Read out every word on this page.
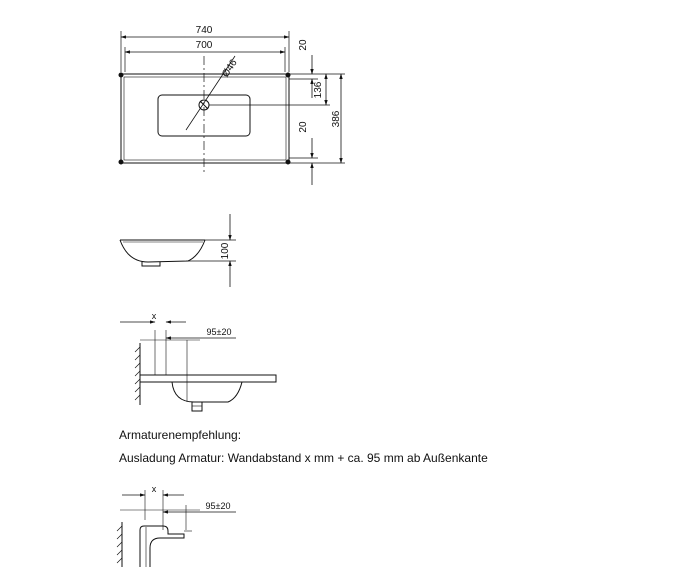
740
700
Ø46
20
136
20 386
100
x
95±20
x
95±20
Armaturenempfehlung:
Ausladung Armatur: Wandabstand x mm + ca. 95 mm ab Außenkante
